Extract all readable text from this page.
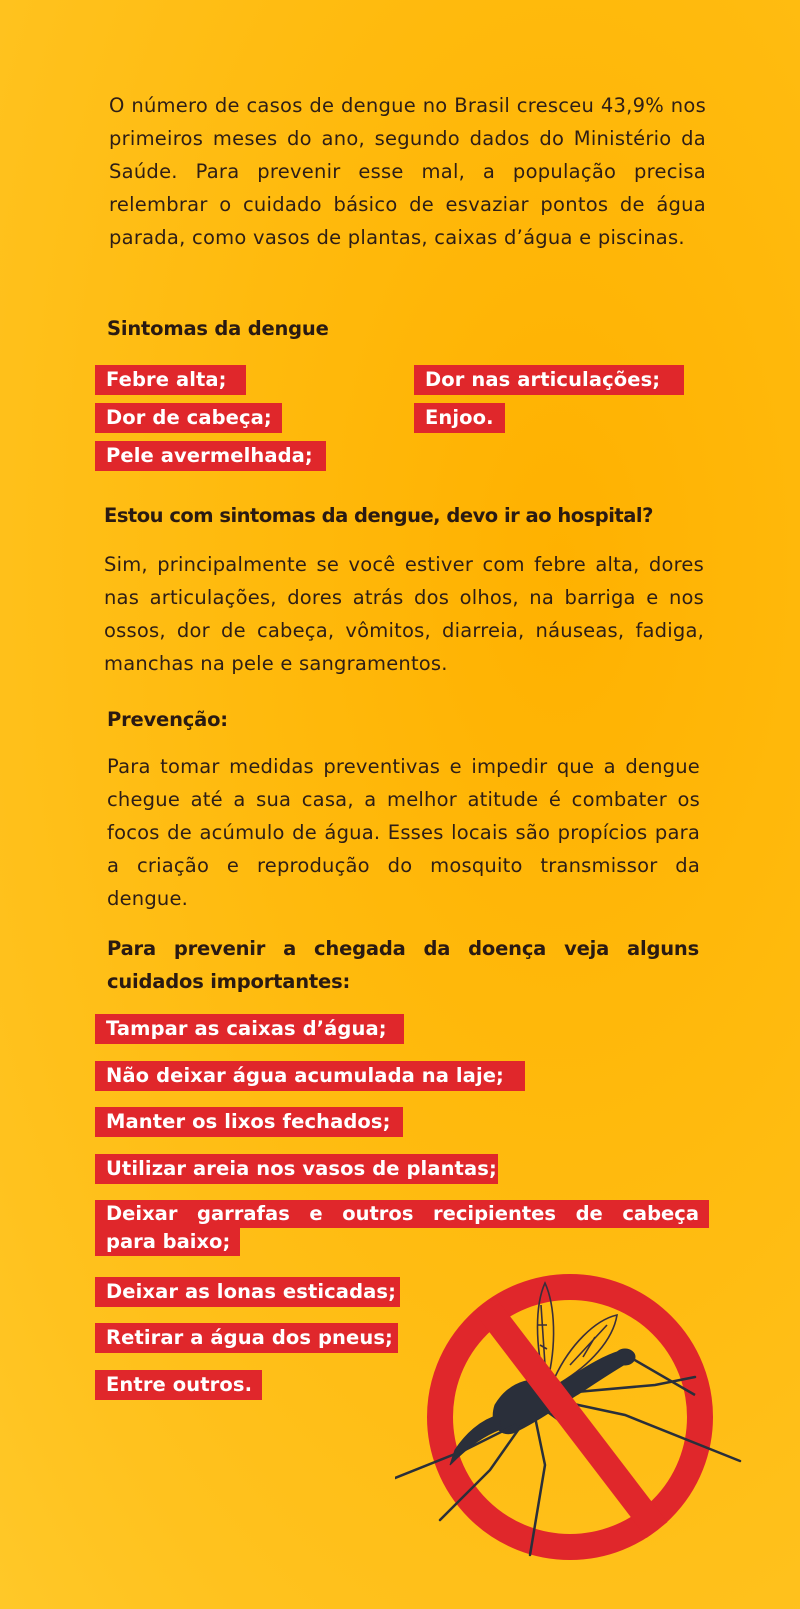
O número de casos de dengue no Brasil cresceu 43,9% nos primeiros meses do ano, segundo dados do Ministério da Saúde. Para prevenir esse mal, a população precisa relembrar o cuidado básico de esvaziar pontos de água parada, como vasos de plantas, caixas d’água e piscinas.

Sintomas da dengue
Febre alta;
Dor de cabeça;
Pele avermelhada;
Dor nas articulações;
Enjoo.
Estou com sintomas da dengue, devo ir ao hospital?

Sim, principalmente se você estiver com febre alta, dores nas articulações, dores atrás dos olhos, na barriga e nos ossos, dor de cabeça, vômitos, diarreia, náuseas, fadiga, manchas na pele e sangramentos.

Prevenção:

Para tomar medidas preventivas e impedir que a dengue chegue até a sua casa, a melhor atitude é combater os focos de acúmulo de água. Esses locais são propícios para a criação e reprodução do mosquito transmissor da dengue.

Para prevenir a chegada da doença veja alguns cuidados importantes:
Tampar as caixas d’água;
Não deixar água acumulada na laje;
Manter os lixos fechados;
Utilizar areia nos vasos de plantas;
Deixar garrafas e outros recipientes de cabeça
para baixo;
Deixar as lonas esticadas;
Retirar a água dos pneus;
Entre outros.
